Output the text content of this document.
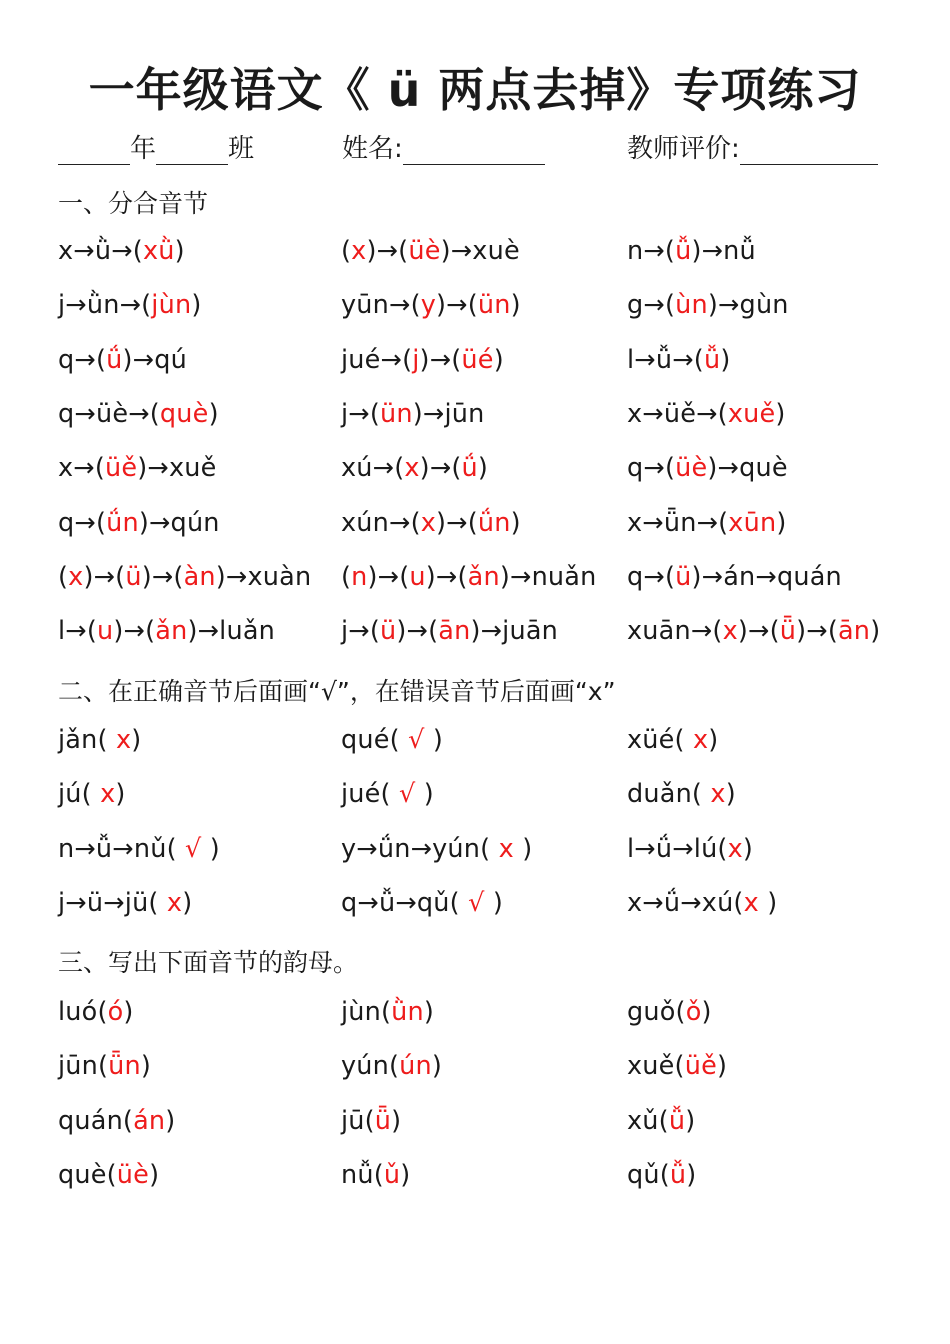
一年级语文《 ü 两点去掉》专项练习
年	班	姓名:	教师评价:
一、分合音节
x→ǜ→(xǜ)	(x)→(üè)→xuè	n→(ǚ)→nǚ
j→ǜn→(jùn)	yūn→(y)→(ün)	g→(ùn)→gùn
q→(ǘ)→qú	jué→(j)→(üé)	l→ǚ→(ǚ)
q→üè→(què)	j→(ün)→jūn	x→üě→(xuě)
x→(üě)→xuě	xú→(x)→(ǘ)	q→(üè)→què
q→(ǘn)→qún	xún→(x)→(ǘn)	x→ǖn→(xūn)
(x)→(ü)→(àn)→xuàn (n)→(u)→(ǎn)→nuǎn q→(ü)→án→quán
l→(u)→(ǎn)→luǎn	j→(ü)→(ān)→juān	xuān→(x)→(ǖ)→(ān)
二、在正确音节后面画“√”，在错误音节后面画“x”
jǎn( x)	qué( √ )	xüé( x)
jú( x)	jué( √ )	duǎn( x)
n→ǚ→nǔ( √ )	y→ǘn→yún( x )	l→ǘ→lú(x)
j→ü→jü( x)	q→ǚ→qǔ( √ )	x→ǘ→xú(x )
三、写出下面音节的韵母。
luó(ó)	jùn(ǜn)	guǒ(ǒ)
jūn(ǖn)	yún(ún)	xuě(üě)
quán(án)	jū(ǖ)	xǔ(ǚ)
què(üè)	nǚ(ǔ)	qǔ(ǚ)
